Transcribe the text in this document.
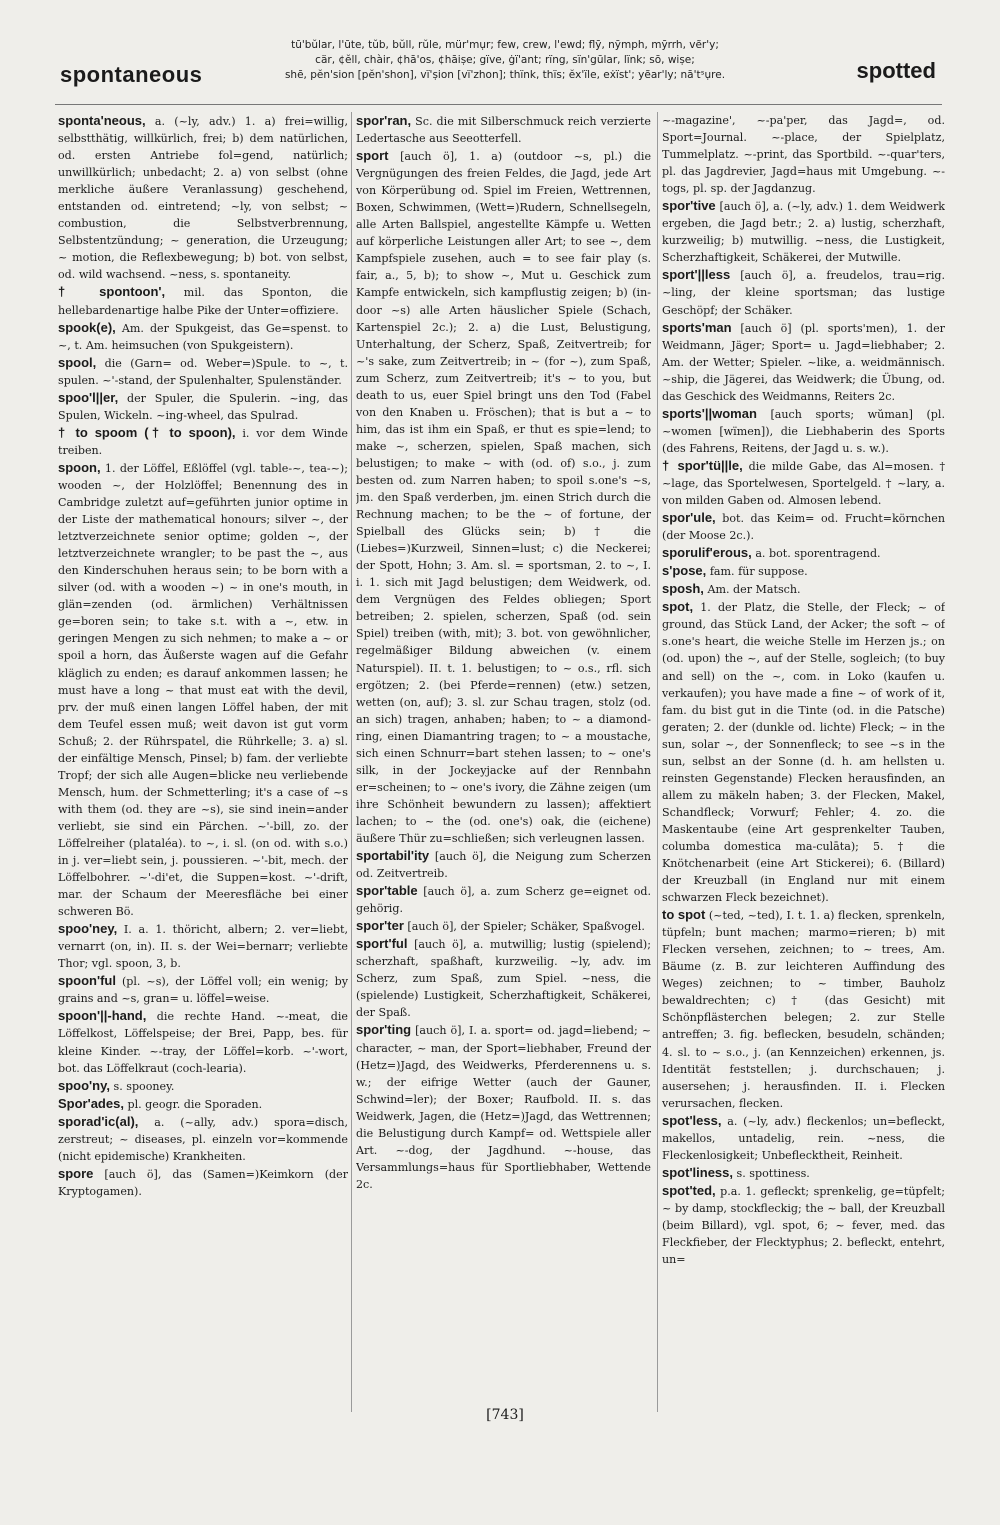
spontaneous
tū'bŭlar, l'ūte, tŭb, bŭll, rŭle, mür'mụr; few, crew, l'ewd; flȳ, nȳmph, mȳrrh, vẽr'y;
cär, ¢ĕll, chàir, ¢hā'os, ¢hāiṣe; gïve, ġï'ant; rïng, sïn'gūlar, lïnk; sō, wiṣe;
shē, pĕn'sion [pĕn'shon], vï'ṣion [vï'zhon]; thïnk, thïs; ĕx'ïle, eẋïst'; yẽar'ly; nā'tˢụre.	spotted
sponta'neous, a. (~ly, adv.) 1. a) frei=willig, selbstthätig, willkürlich, frei; b) dem natürlichen, od. ersten Antriebe fol=gend, natürlich; unwillkürlich; unbedacht; 2. a) von selbst (ohne merkliche äußere Veranlassung) geschehend, entstanden od. eintretend; ~ly, von selbst; ~ combustion, die Selbstverbrennung, Selbstentzündung; ~ generation, die Urzeugung; ~ motion, die Reflexbewegung; b) bot. von selbst, od. wild wachsend. ~ness, s. spontaneity.
† spontoon', mil. das Sponton, die hellebardenartige halbe Pike der Unter=offiziere.
spook(e), Am. der Spukgeist, das Ge=spenst. to ~, t. Am. heimsuchen (von Spukgeistern).
spool, die (Garn= od. Weber=)Spule. to ~, t. spulen. ~'-stand, der Spulenhalter, Spulenständer.
spoo'l||er, der Spuler, die Spulerin. ~ing, das Spulen, Wickeln. ~ing-wheel, das Spulrad.
† to spoom († to spoon), i. vor dem Winde treiben.
spoon, 1. der Löffel, Eßlöffel (vgl. table-~, tea-~); wooden ~, der Holzlöffel; Benennung des in Cambridge zuletzt auf=geführten junior optime in der Liste der mathematical honours; silver ~, der letztverzeichnete senior optime; golden ~, der letztverzeichnete wrangler; to be past the ~, aus den Kinderschuhen heraus sein; to be born with a silver (od. with a wooden ~) ~ in one's mouth, in glän=zenden (od. ärmlichen) Verhältnissen ge=boren sein; to take s.t. with a ~, etw. in geringen Mengen zu sich nehmen; to make a ~ or spoil a horn, das Äußerste wagen auf die Gefahr kläglich zu enden; es darauf ankommen lassen; he must have a long ~ that must eat with the devil, prv. der muß einen langen Löffel haben, der mit dem Teufel essen muß; weit davon ist gut vorm Schuß; 2. der Rührspatel, die Rührkelle; 3. a) sl. der einfältige Mensch, Pinsel; b) fam. der verliebte Tropf; der sich alle Augen=blicke neu verliebende Mensch, hum. der Schmetterling; it's a case of ~s with them (od. they are ~s), sie sind inein=ander verliebt, sie sind ein Pärchen. ~'-bill, zo. der Löffelreiher (plataléa). to ~, i. sl. (on od. with s.o.) in j. ver=liebt sein, j. poussieren. ~'-bit, mech. der Löffelbohrer. ~'-di'et, die Suppen=kost. ~'-drift, mar. der Schaum der Meeresfläche bei einer schweren Bö.
spoo'ney, I. a. 1. thöricht, albern; 2. ver=liebt, vernarrt (on, in). II. s. der Wei=bernarr; verliebte Thor; vgl. spoon, 3, b.
spoon'ful (pl. ~s), der Löffel voll; ein wenig; by grains and ~s, gran= u. löffel=weise.
spoon'||-hand, die rechte Hand. ~-meat, die Löffelkost, Löffelspeise; der Brei, Papp, bes. für kleine Kinder. ~-tray, der Löffel=korb. ~'-wort, bot. das Löffelkraut (coch-learia).
spoo'ny, s. spooney.
Spor'ades, pl. geogr. die Sporaden.
sporad'ic(al), a. (~ally, adv.) spora=disch, zerstreut; ~ diseases, pl. einzeln vor=kommende (nicht epidemische) Krankheiten.
spore [auch ö], das (Samen=)Keimkorn (der Kryptogamen).
spor'ran, Sc. die mit Silberschmuck reich verzierte Ledertasche aus Seeotterfell.
sport [auch ö], 1. a) (outdoor ~s, pl.) die Vergnügungen des freien Feldes, die Jagd, jede Art von Körperübung od. Spiel im Freien, Wettrennen, Boxen, Schwimmen, (Wett=)Rudern, Schnellsegeln, alle Arten Ballspiel, angestellte Kämpfe u. Wetten auf körperliche Leistungen aller Art; to see ~, dem Kampfspiele zusehen, auch = to see fair play (s. fair, a., 5, b); to show ~, Mut u. Geschick zum Kampfe entwickeln, sich kampflustig zeigen; b) (in-door ~s) alle Arten häuslicher Spiele (Schach, Kartenspiel 2c.); 2. a) die Lust, Belustigung, Unterhaltung, der Scherz, Spaß, Zeitvertreib; for ~'s sake, zum Zeitvertreib; in ~ (for ~), zum Spaß, zum Scherz, zum Zeitvertreib; it's ~ to you, but death to us, euer Spiel bringt uns den Tod (Fabel von den Knaben u. Fröschen); that is but a ~ to him, das ist ihm ein Spaß, er thut es spie=lend; to make ~, scherzen, spielen, Spaß machen, sich belustigen; to make ~ with (od. of) s.o., j. zum besten od. zum Narren haben; to spoil s.one's ~s, jm. den Spaß verderben, jm. einen Strich durch die Rechnung machen; to be the ~ of fortune, der Spielball des Glücks sein; b) † die (Liebes=)Kurzweil, Sinnen=lust; c) die Neckerei; der Spott, Hohn; 3. Am. sl. = sportsman, 2. to ~, I. i. 1. sich mit Jagd belustigen; dem Weidwerk, od. dem Vergnügen des Feldes obliegen; Sport betreiben; 2. spielen, scherzen, Spaß (od. sein Spiel) treiben (with, mit); 3. bot. von gewöhnlicher, regelmäßiger Bildung abweichen (v. einem Naturspiel). II. t. 1. belustigen; to ~ o.s., rfl. sich ergötzen; 2. (bei Pferde=rennen) (etw.) setzen, wetten (on, auf); 3. sl. zur Schau tragen, stolz (od. an sich) tragen, anhaben; haben; to ~ a diamond-ring, einen Diamantring tragen; to ~ a moustache, sich einen Schnurr=bart stehen lassen; to ~ one's silk, in der Jockeyjacke auf der Rennbahn er=scheinen; to ~ one's ivory, die Zähne zeigen (um ihre Schönheit bewundern zu lassen); affektiert lachen; to ~ the (od. one's) oak, die (eichene) äußere Thür zu=schließen; sich verleugnen lassen.
sportabil'ity [auch ö], die Neigung zum Scherzen od. Zeitvertreib.
spor'table [auch ö], a. zum Scherz ge=eignet od. gehörig.
spor'ter [auch ö], der Spieler; Schäker, Spaßvogel.
sport'ful [auch ö], a. mutwillig; lustig (spielend); scherzhaft, spaßhaft, kurzweilig. ~ly, adv. im Scherz, zum Spaß, zum Spiel. ~ness, die (spielende) Lustigkeit, Scherzhaftigkeit, Schäkerei, der Spaß.
spor'ting [auch ö], I. a. sport= od. jagd=liebend; ~ character, ~ man, der Sport=liebhaber, Freund der (Hetz=)Jagd, des Weidwerks, Pferderennens u. s. w.; der eifrige Wetter (auch der Gauner, Schwind=ler); der Boxer; Raufbold. II. s. das Weidwerk, Jagen, die (Hetz=)Jagd, das Wettrennen; die Belustigung durch Kampf= od. Wettspiele aller Art. ~-dog, der Jagdhund. ~-house, das Versammlungs=haus für Sportliebhaber, Wettende 2c.
~-magazine', ~-pa'per, das Jagd=, od. Sport=Journal. ~-place, der Spielplatz, Tummelplatz. ~-print, das Sportbild. ~-quar'ters, pl. das Jagdrevier, Jagd=haus mit Umgebung. ~-togs, pl. sp. der Jagdanzug.
spor'tive [auch ö], a. (~ly, adv.) 1. dem Weidwerk ergeben, die Jagd betr.; 2. a) lustig, scherzhaft, kurzweilig; b) mutwillig. ~ness, die Lustigkeit, Scherzhaftigkeit, Schäkerei, der Mutwille.
sport'||less [auch ö], a. freudelos, trau=rig. ~ling, der kleine sportsman; das lustige Geschöpf; der Schäker.
sports'man [auch ö] (pl. sports'men), 1. der Weidmann, Jäger; Sport= u. Jagd=liebhaber; 2. Am. der Wetter; Spieler. ~like, a. weidmännisch. ~ship, die Jägerei, das Weidwerk; die Übung, od. das Geschick des Weidmanns, Reiters 2c.
sports'||woman [auch sports; wŭman] (pl. ~women [wïmen]), die Liebhaberin des Sports (des Fahrens, Reitens, der Jagd u. s. w.).
† spor'tü||le, die milde Gabe, das Al=mosen. † ~lage, das Sportelwesen, Sportelgeld. † ~lary, a. von milden Gaben od. Almosen lebend.
spor'ule, bot. das Keim= od. Frucht=körnchen (der Moose 2c.).
sporulif'erous, a. bot. sporentragend.
s'pose, fam. für suppose.
sposh, Am. der Matsch.
spot, 1. der Platz, die Stelle, der Fleck; ~ of ground, das Stück Land, der Acker; the soft ~ of s.one's heart, die weiche Stelle im Herzen js.; on (od. upon) the ~, auf der Stelle, sogleich; (to buy and sell) on the ~, com. in Loko (kaufen u. verkaufen); you have made a fine ~ of work of it, fam. du bist gut in die Tinte (od. in die Patsche) geraten; 2. der (dunkle od. lichte) Fleck; ~ in the sun, solar ~, der Sonnenfleck; to see ~s in the sun, selbst an der Sonne (d. h. am hellsten u. reinsten Gegenstande) Flecken herausfinden, an allem zu mäkeln haben; 3. der Flecken, Makel, Schandfleck; Vorwurf; Fehler; 4. zo. die Maskentaube (eine Art gesprenkelter Tauben, columba domestica ma-culāta); 5. † die Knötchenarbeit (eine Art Stickerei); 6. (Billard) der Kreuzball (in England nur mit einem schwarzen Fleck bezeichnet).
to spot (~ted, ~ted), I. t. 1. a) flecken, sprenkeln, tüpfeln; bunt machen; marmo=rieren; b) mit Flecken versehen, zeichnen; to ~ trees, Am. Bäume (z. B. zur leichteren Auffindung des Weges) zeichnen; to ~ timber, Bauholz bewaldrechten; c) † (das Gesicht) mit Schönpflästerchen belegen; 2. zur Stelle antreffen; 3. fig. beflecken, besudeln, schänden; 4. sl. to ~ s.o., j. (an Kennzeichen) erkennen, js. Identität feststellen; j. durchschauen; j. ausersehen; j. herausfinden. II. i. Flecken verursachen, flecken.
spot'less, a. (~ly, adv.) fleckenlos; un=befleckt, makellos, untadelig, rein. ~ness, die Fleckenlosigkeit; Unbeflecktheit, Reinheit.
spot'liness, s. spottiness.
spot'ted, p.a. 1. gefleckt; sprenkelig, ge=tüpfelt; ~ by damp, stockfleckig; the ~ ball, der Kreuzball (beim Billard), vgl. spot, 6; ~ fever, med. das Fleckfieber, der Flecktyphus; 2. befleckt, entehrt, un=
[743]
